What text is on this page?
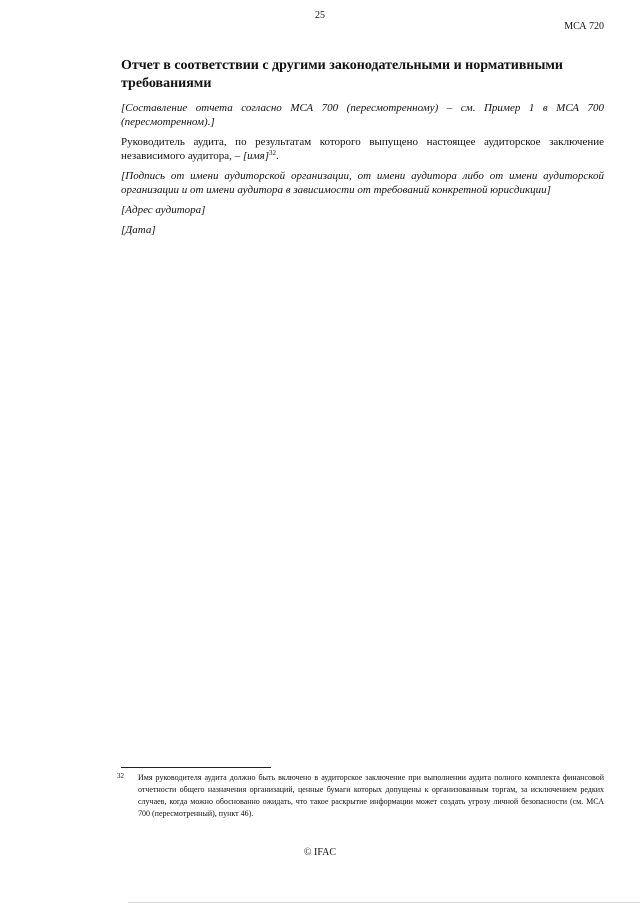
25
МСА 720
Отчет в соответствии с другими законодательными и нормативными требованиями

[Составление отчета согласно МСА 700 (пересмотренному) – см. Пример 1 в МСА 700 (пересмотренном).]

Руководитель аудита, по результатам которого выпущено настоящее аудиторское заключение независимого аудитора, – [имя]$^{32}$.

[Подпись от имени аудиторской организации, от имени аудитора либо от имени аудиторской организации и от имени аудитора в зависимости от требований конкретной юрисдикции]

[Адрес аудитора]

[Дата]

32 Имя руководителя аудита должно быть включено в аудиторское заключение при выполнении аудита полного комплекта финансовой отчетности общего назначения организаций, ценные бумаги которых допущены к организованным торгам, за исключением редких случаев, когда можно обоснованно ожидать, что такое раскрытие информации может создать угрозу личной безопасности (см. МСА 700 (пересмотренный), пункт 46).
© IFAC
